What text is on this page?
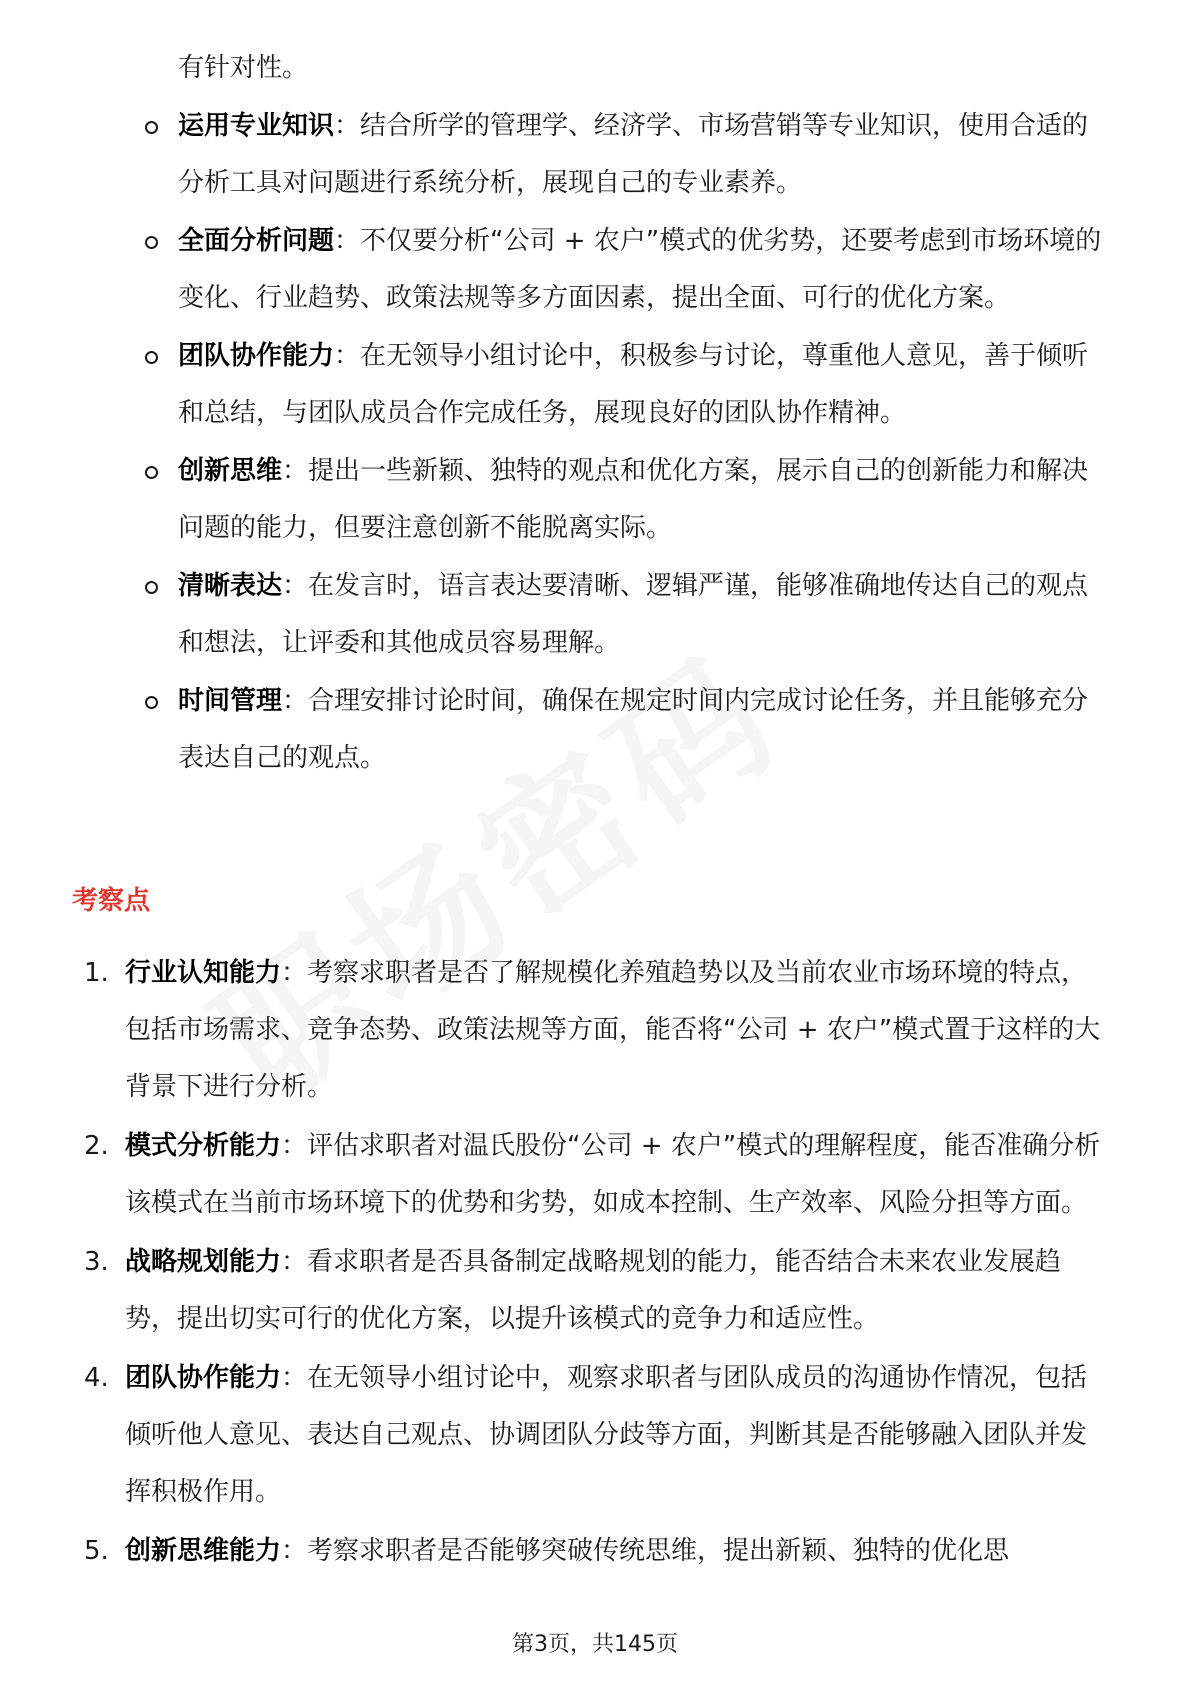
有针对性。
运用专业知识：结合所学的管理学、经济学、市场营销等专业知识，使用合适的分析工具对问题进行系统分析，展现自己的专业素养。
全面分析问题：不仅要分析“公司 + 农户”模式的优劣势，还要考虑到市场环境的变化、行业趋势、政策法规等多方面因素，提出全面、可行的优化方案。
团队协作能力：在无领导小组讨论中，积极参与讨论，尊重他人意见，善于倾听和总结，与团队成员合作完成任务，展现良好的团队协作精神。
创新思维：提出一些新颖、独特的观点和优化方案，展示自己的创新能力和解决问题的能力，但要注意创新不能脱离实际。
清晰表达：在发言时，语言表达要清晰、逻辑严谨，能够准确地传达自己的观点和想法，让评委和其他成员容易理解。
时间管理：合理安排讨论时间，确保在规定时间内完成讨论任务，并且能够充分表达自己的观点。
考察点
1. 行业认知能力：考察求职者是否了解规模化养殖趋势以及当前农业市场环境的特点，包括市场需求、竞争态势、政策法规等方面，能否将“公司 + 农户”模式置于这样的大背景下进行分析。
2. 模式分析能力：评估求职者对温氏股份“公司 + 农户”模式的理解程度，能否准确分析该模式在当前市场环境下的优势和劣势，如成本控制、生产效率、风险分担等方面。
3. 战略规划能力：看求职者是否具备制定战略规划的能力，能否结合未来农业发展趋势，提出切实可行的优化方案，以提升该模式的竞争力和适应性。
4. 团队协作能力：在无领导小组讨论中，观察求职者与团队成员的沟通协作情况，包括倾听他人意见、表达自己观点、协调团队分歧等方面，判断其是否能够融入团队并发挥积极作用。
5. 创新思维能力：考察求职者是否能够突破传统思维，提出新颖、独特的优化思
第3页，共145页
